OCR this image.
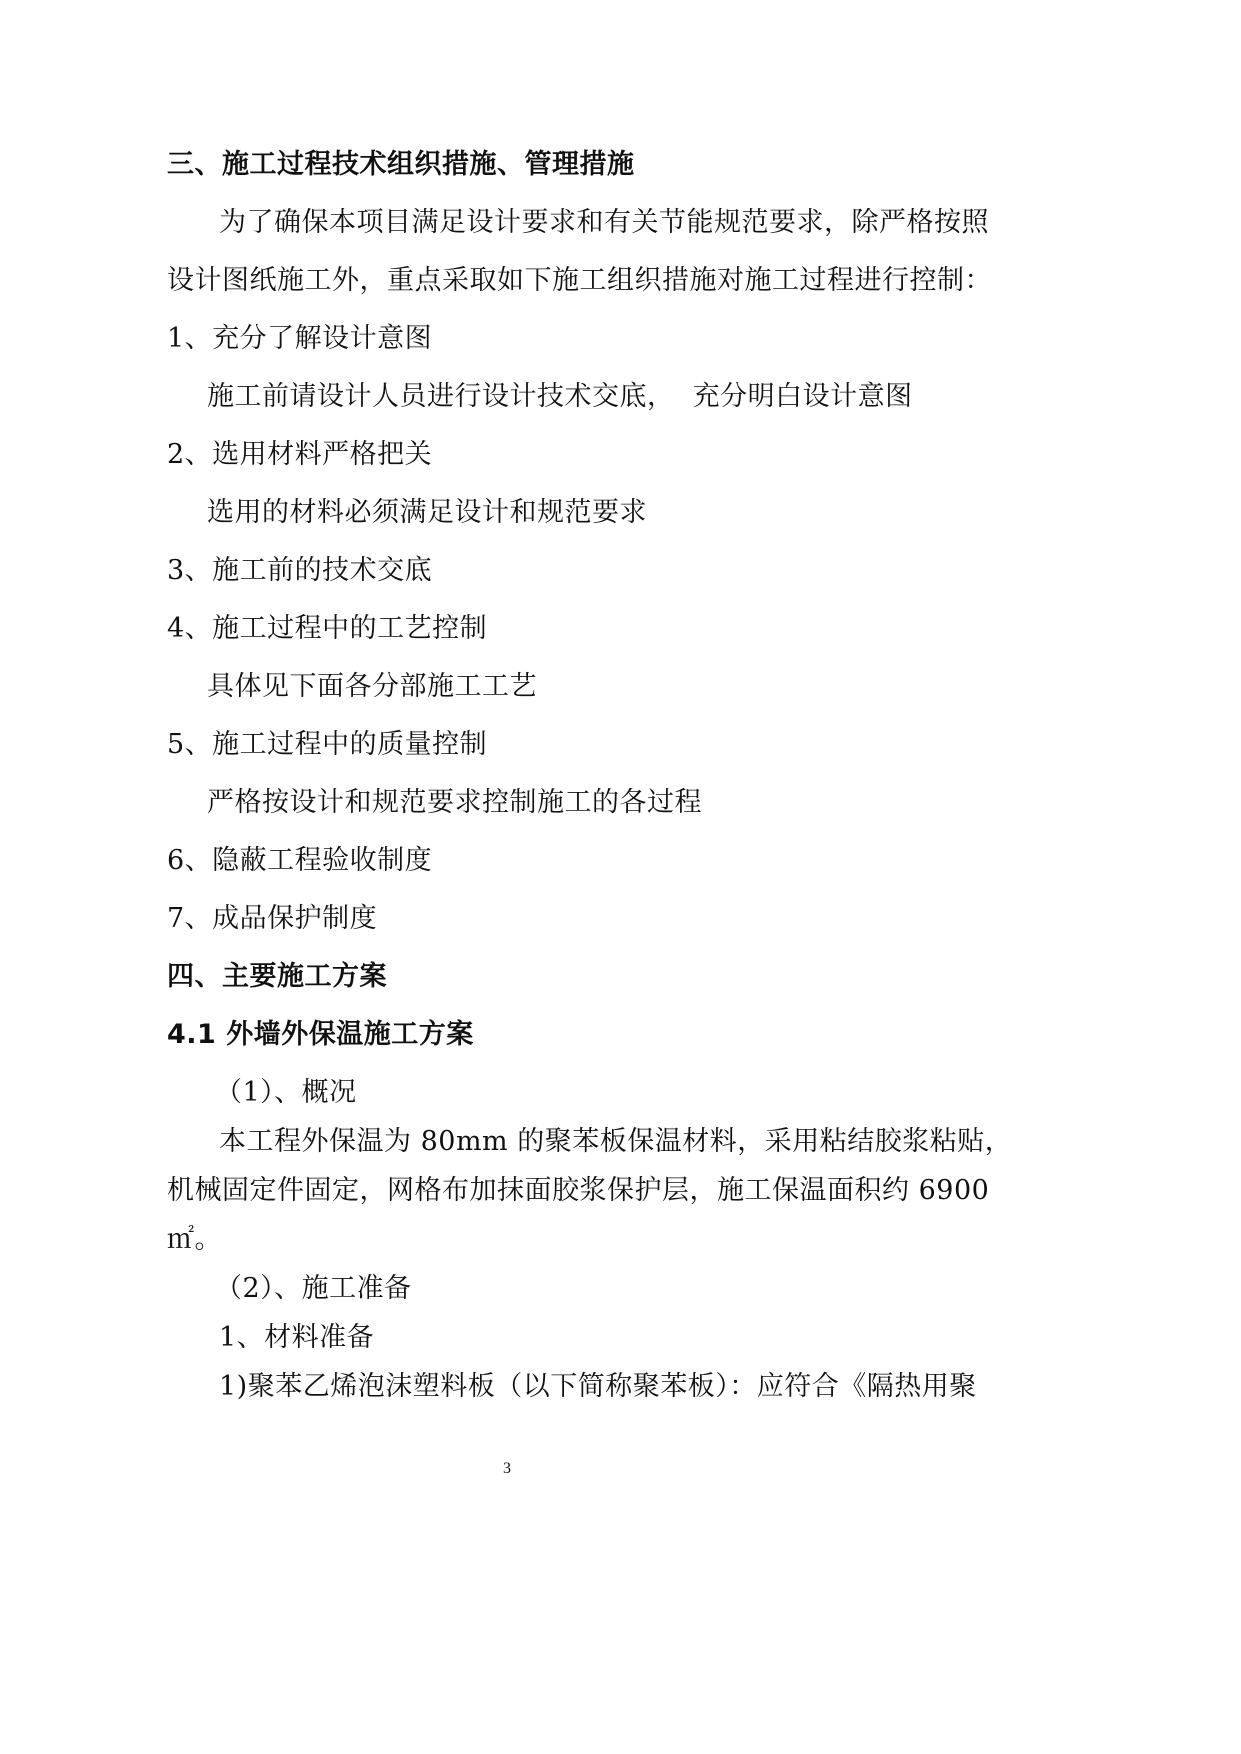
三、施工过程技术组织措施、管理措施
为了确保本项目满足设计要求和有关节能规范要求，除严格按照
设计图纸施工外，重点采取如下施工组织措施对施工过程进行控制：
1、充分了解设计意图
施工前请设计人员进行设计技术交底，  充分明白设计意图
2、选用材料严格把关
选用的材料必须满足设计和规范要求
3、施工前的技术交底
4、施工过程中的工艺控制
具体见下面各分部施工工艺
5、施工过程中的质量控制
严格按设计和规范要求控制施工的各过程
6、隐蔽工程验收制度
7、成品保护制度
四、主要施工方案
4.1 外墙外保温施工方案
（1）、概况
本工程外保温为 80mm 的聚苯板保温材料，采用粘结胶浆粘贴，
机械固定件固定，网格布加抹面胶浆保护层，施工保温面积约 6900
㎡。
（2）、施工准备
1、材料准备
1)聚苯乙烯泡沫塑料板（以下简称聚苯板）：应符合《隔热用聚
3
